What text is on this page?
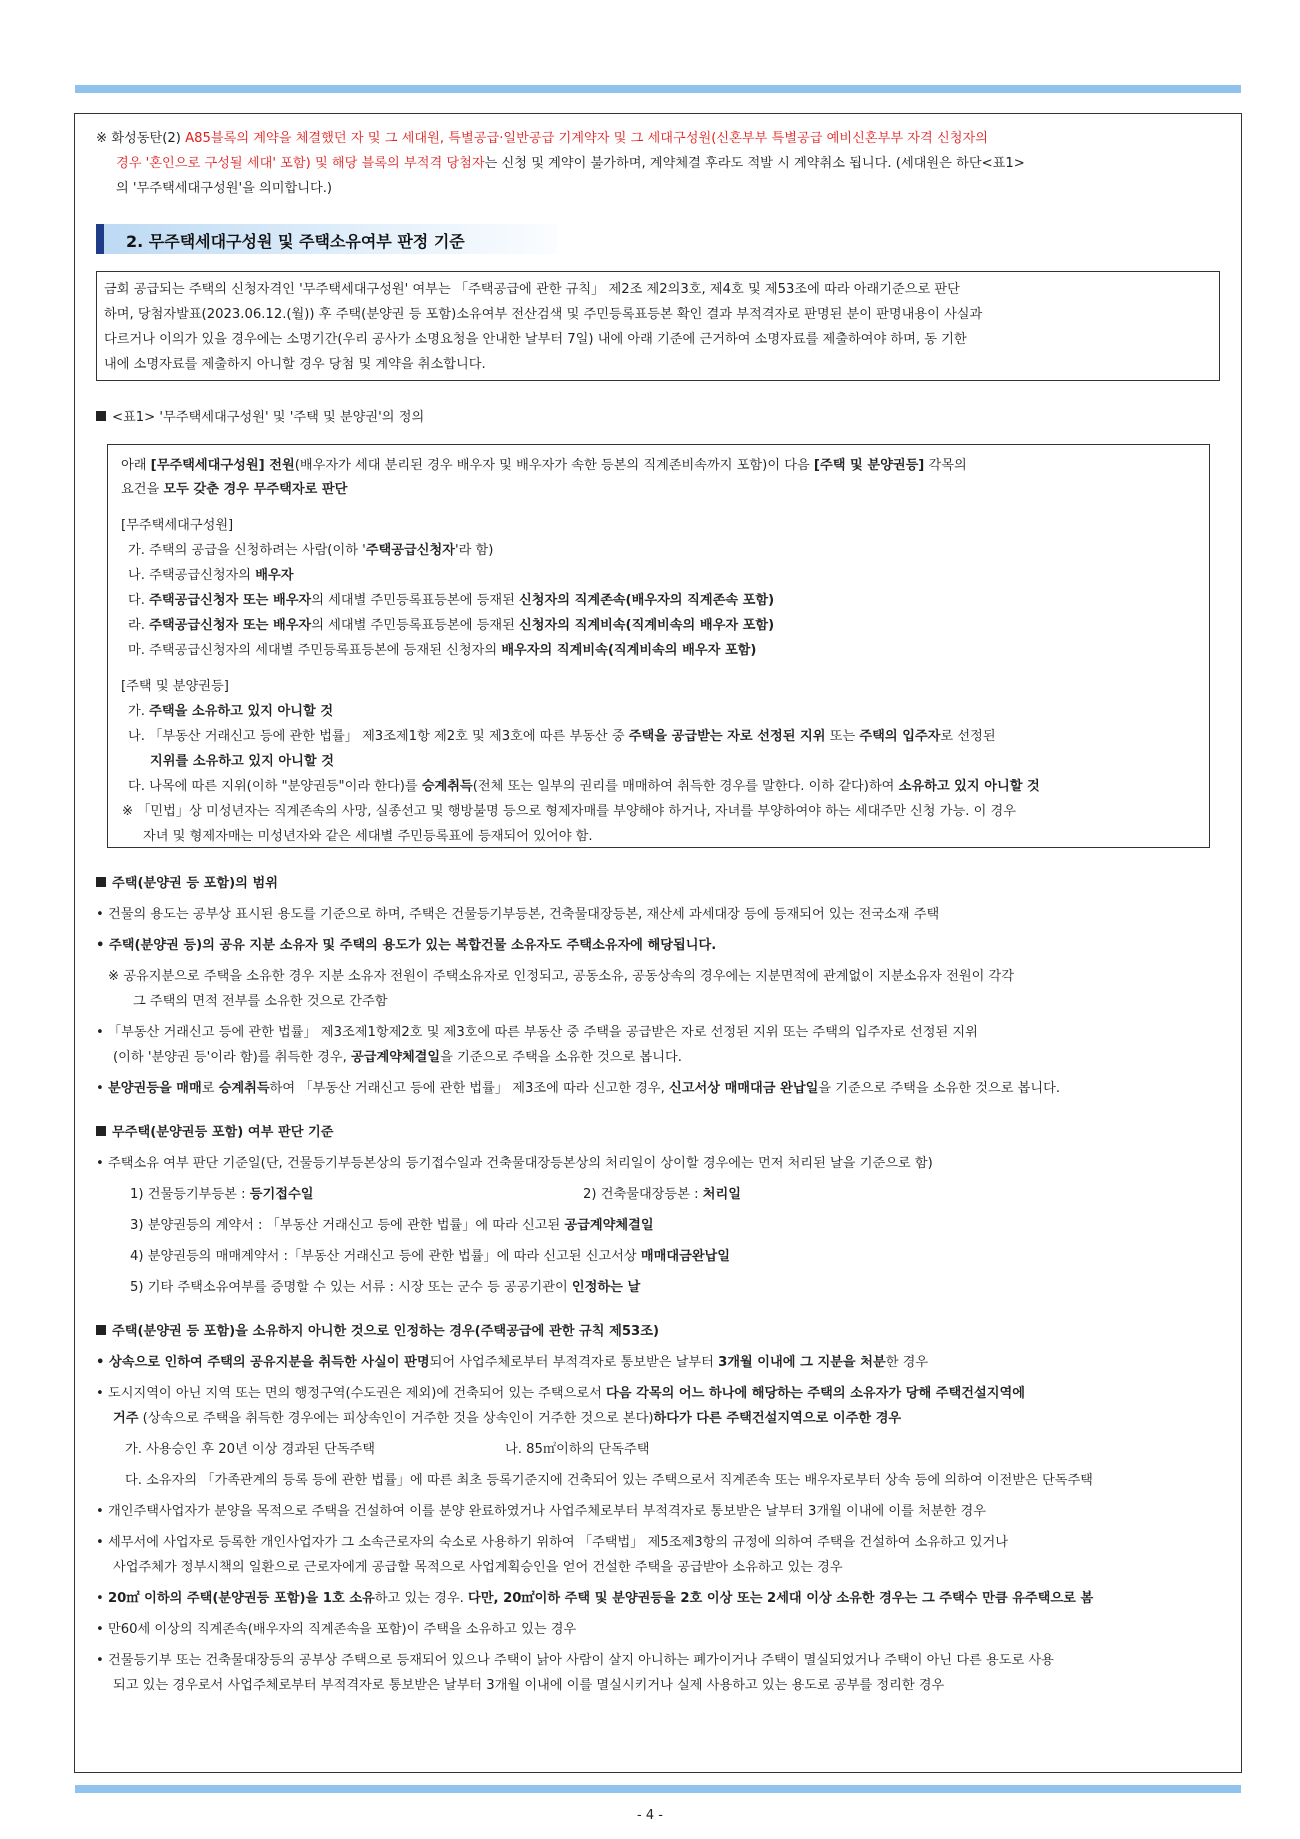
※ 화성동탄(2) A85블록의 계약을 체결했던 자 및 그 세대원, 특별공급·일반공급 기계약자 및 그 세대구성원(신혼부부 특별공급 예비신혼부부 자격 신청자의
경우 '혼인으로 구성될 세대' 포함) 및 해당 블록의 부적격 당첨자는 신청 및 계약이 불가하며, 계약체결 후라도 적발 시 계약취소 됩니다. (세대원은 하단<표1>
의 '무주택세대구성원'을 의미합니다.)
2. 무주택세대구성원 및 주택소유여부 판정 기준
금회 공급되는 주택의 신청자격인 '무주택세대구성원' 여부는 「주택공급에 관한 규칙」 제2조 제2의3호, 제4호 및 제53조에 따라 아래기준으로 판단
하며, 당첨자발표(2023.06.12.(월)) 후 주택(분양권 등 포함)소유여부 전산검색 및 주민등록표등본 확인 결과 부적격자로 판명된 분이 판명내용이 사실과
다르거나 이의가 있을 경우에는 소명기간(우리 공사가 소명요청을 안내한 날부터 7일) 내에 아래 기준에 근거하여 소명자료를 제출하여야 하며, 동 기한
내에 소명자료를 제출하지 아니할 경우 당첨 및 계약을 취소합니다.
<표1> '무주택세대구성원' 및 '주택 및 분양권'의 정의
아래 [무주택세대구성원] 전원(배우자가 세대 분리된 경우 배우자 및 배우자가 속한 등본의 직계존비속까지 포함)이 다음 [주택 및 분양권등] 각목의
요건을 모두 갖춘 경우 무주택자로 판단
[무주택세대구성원]
가. 주택의 공급을 신청하려는 사람(이하 '주택공급신청자'라 함)
나. 주택공급신청자의 배우자
다. 주택공급신청자 또는 배우자의 세대별 주민등록표등본에 등재된 신청자의 직계존속(배우자의 직계존속 포함)
라. 주택공급신청자 또는 배우자의 세대별 주민등록표등본에 등재된 신청자의 직계비속(직계비속의 배우자 포함)
마. 주택공급신청자의 세대별 주민등록표등본에 등재된 신청자의 배우자의 직계비속(직계비속의 배우자 포함)
[주택 및 분양권등]
가. 주택을 소유하고 있지 아니할 것
나. 「부동산 거래신고 등에 관한 법률」 제3조제1항 제2호 및 제3호에 따른 부동산 중 주택을 공급받는 자로 선정된 지위 또는 주택의 입주자로 선정된
지위를 소유하고 있지 아니할 것
다. 나목에 따른 지위(이하 "분양권등"이라 한다)를 승계취득(전체 또는 일부의 권리를 매매하여 취득한 경우를 말한다. 이하 같다)하여 소유하고 있지 아니할 것
※ 「민법」상 미성년자는 직계존속의 사망, 실종선고 및 행방불명 등으로 형제자매를 부양해야 하거나, 자녀를 부양하여야 하는 세대주만 신청 가능. 이 경우
자녀 및 형제자매는 미성년자와 같은 세대별 주민등록표에 등재되어 있어야 함.
주택(분양권 등 포함)의 범위
• 건물의 용도는 공부상 표시된 용도를 기준으로 하며, 주택은 건물등기부등본, 건축물대장등본, 재산세 과세대장 등에 등재되어 있는 전국소재 주택
• 주택(분양권 등)의 공유 지분 소유자 및 주택의 용도가 있는 복합건물 소유자도 주택소유자에 해당됩니다.
※ 공유지분으로 주택을 소유한 경우 지분 소유자 전원이 주택소유자로 인정되고, 공동소유, 공동상속의 경우에는 지분면적에 관계없이 지분소유자 전원이 각각
그 주택의 면적 전부를 소유한 것으로 간주함
• 「부동산 거래신고 등에 관한 법률」 제3조제1항제2호 및 제3호에 따른 부동산 중 주택을 공급받은 자로 선정된 지위 또는 주택의 입주자로 선정된 지위
(이하 '분양권 등'이라 함)를 취득한 경우, 공급계약체결일을 기준으로 주택을 소유한 것으로 봅니다.
• 분양권등을 매매로 승계취득하여 「부동산 거래신고 등에 관한 법률」 제3조에 따라 신고한 경우, 신고서상 매매대금 완납일을 기준으로 주택을 소유한 것으로 봅니다.
무주택(분양권등 포함) 여부 판단 기준
• 주택소유 여부 판단 기준일(단, 건물등기부등본상의 등기접수일과 건축물대장등본상의 처리일이 상이할 경우에는 먼저 처리된 날을 기준으로 함)
1) 건물등기부등본 : 등기접수일	2) 건축물대장등본 : 처리일
3) 분양권등의 계약서 : 「부동산 거래신고 등에 관한 법률」에 따라 신고된 공급계약체결일
4) 분양권등의 매매계약서 :「부동산 거래신고 등에 관한 법률」에 따라 신고된 신고서상 매매대금완납일
5) 기타 주택소유여부를 증명할 수 있는 서류 : 시장 또는 군수 등 공공기관이 인정하는 날
주택(분양권 등 포함)을 소유하지 아니한 것으로 인정하는 경우(주택공급에 관한 규칙 제53조)
• 상속으로 인하여 주택의 공유지분을 취득한 사실이 판명되어 사업주체로부터 부적격자로 통보받은 날부터 3개월 이내에 그 지분을 처분한 경우
• 도시지역이 아닌 지역 또는 면의 행정구역(수도권은 제외)에 건축되어 있는 주택으로서 다음 각목의 어느 하나에 해당하는 주택의 소유자가 당해 주택건설지역에
거주 (상속으로 주택을 취득한 경우에는 피상속인이 거주한 것을 상속인이 거주한 것으로 본다)하다가 다른 주택건설지역으로 이주한 경우
가. 사용승인 후 20년 이상 경과된 단독주택	나. 85㎡이하의 단독주택
다. 소유자의 「가족관계의 등록 등에 관한 법률」에 따른 최초 등록기준지에 건축되어 있는 주택으로서 직계존속 또는 배우자로부터 상속 등에 의하여 이전받은 단독주택
• 개인주택사업자가 분양을 목적으로 주택을 건설하여 이를 분양 완료하였거나 사업주체로부터 부적격자로 통보받은 날부터 3개월 이내에 이를 처분한 경우
• 세무서에 사업자로 등록한 개인사업자가 그 소속근로자의 숙소로 사용하기 위하여 「주택법」 제5조제3항의 규정에 의하여 주택을 건설하여 소유하고 있거나
사업주체가 정부시책의 일환으로 근로자에게 공급할 목적으로 사업계획승인을 얻어 건설한 주택을 공급받아 소유하고 있는 경우
• 20㎡ 이하의 주택(분양권등 포함)을 1호 소유하고 있는 경우. 다만, 20㎡이하 주택 및 분양권등을 2호 이상 또는 2세대 이상 소유한 경우는 그 주택수 만큼 유주택으로 봄
• 만60세 이상의 직계존속(배우자의 직계존속을 포함)이 주택을 소유하고 있는 경우
• 건물등기부 또는 건축물대장등의 공부상 주택으로 등재되어 있으나 주택이 낡아 사람이 살지 아니하는 폐가이거나 주택이 멸실되었거나 주택이 아닌 다른 용도로 사용
되고 있는 경우로서 사업주체로부터 부적격자로 통보받은 날부터 3개월 이내에 이를 멸실시키거나 실제 사용하고 있는 용도로 공부를 정리한 경우
- 4 -
